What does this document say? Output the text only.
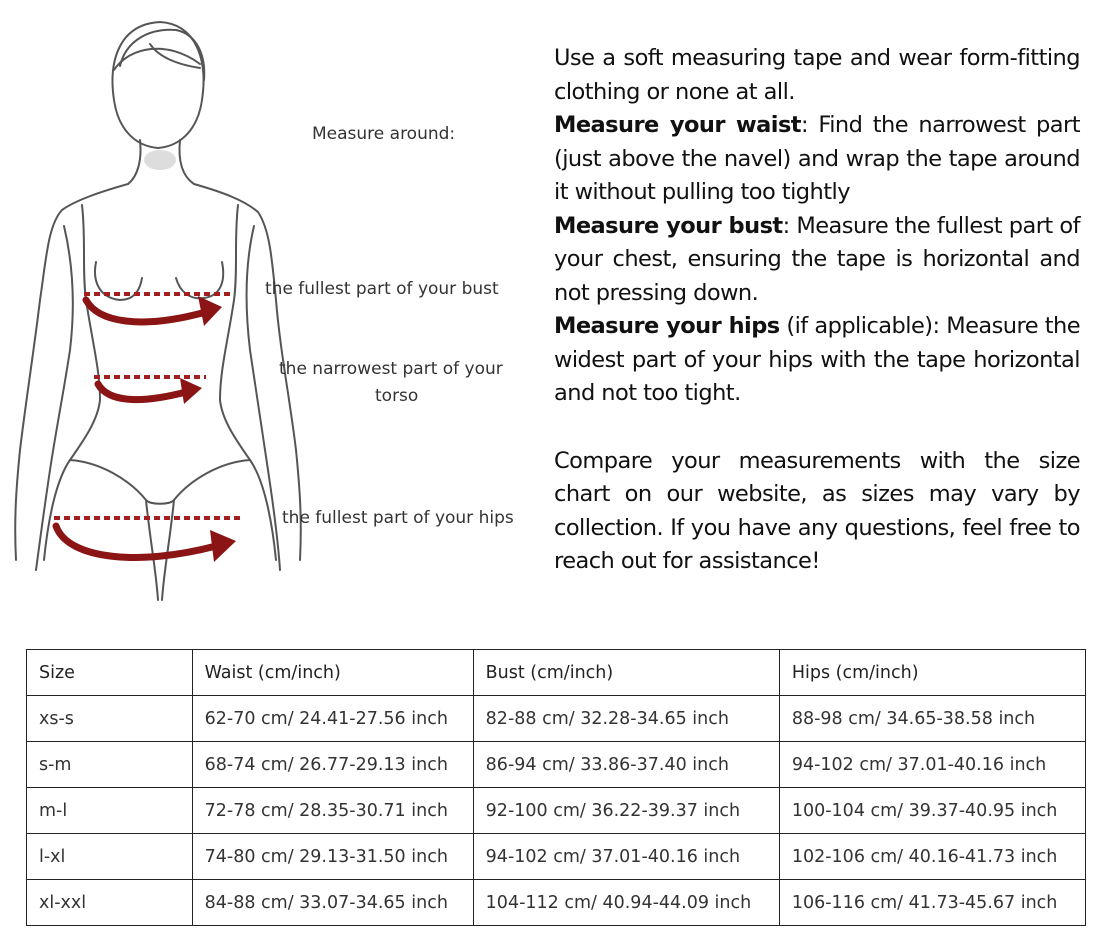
Measure around:
the fullest part of your bust
the narrowest part of your
torso
the fullest part of your hips

Use a soft measuring tape and wear form-fitting clothing or none at all.

Measure your waist: Find the narrowest part (just above the navel) and wrap the tape around it without pulling too tightly

Measure your bust: Measure the fullest part of your chest, ensuring the tape is horizontal and not pressing down.

Measure your hips (if applicable): Measure the widest part of your hips with the tape horizontal and not too tight.

Compare your measurements with the size chart on our website, as sizes may vary by collection. If you have any questions, feel free to reach out for assistance!

Size	Waist (cm/inch)	Bust (cm/inch)	Hips (cm/inch)
xs-s	62-70 cm/ 24.41-27.56 inch	82-88 cm/ 32.28-34.65 inch	88-98 cm/ 34.65-38.58 inch
s-m	68-74 cm/ 26.77-29.13 inch	86-94 cm/ 33.86-37.40 inch	94-102 cm/ 37.01-40.16 inch
m-l	72-78 cm/ 28.35-30.71 inch	92-100 cm/ 36.22-39.37 inch	100-104 cm/ 39.37-40.95 inch
l-xl	74-80 cm/ 29.13-31.50 inch	94-102 cm/ 37.01-40.16 inch	102-106 cm/ 40.16-41.73 inch
xl-xxl	84-88 cm/ 33.07-34.65 inch	104-112 cm/ 40.94-44.09 inch	106-116 cm/ 41.73-45.67 inch
